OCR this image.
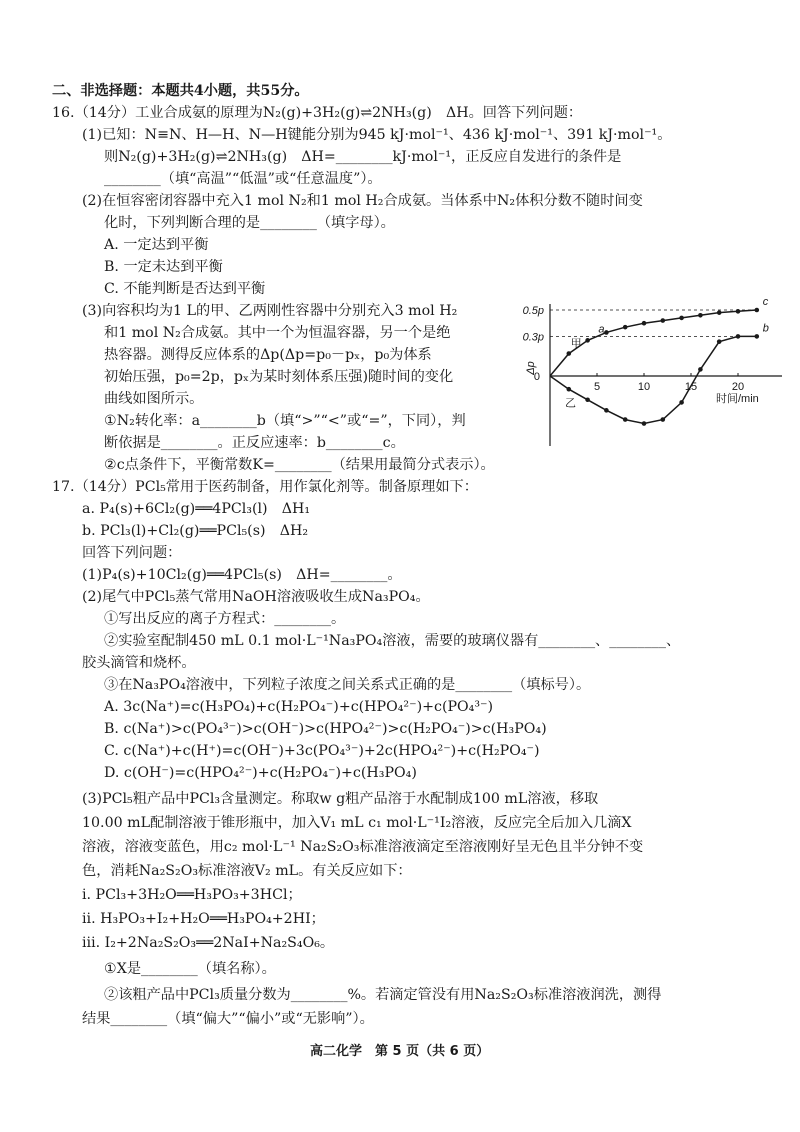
二、非选择题：本题共4小题，共55分。
16.（14分）工业合成氨的原理为N₂(g)+3H₂(g)⇌2NH₃(g)　ΔH。回答下列问题：
(1)已知：N≡N、H—H、N—H键能分别为945 kJ·mol⁻¹、436 kJ·mol⁻¹、391 kJ·mol⁻¹。
则N₂(g)+3H₂(g)⇌2NH₃(g)　ΔH=________kJ·mol⁻¹，正反应自发进行的条件是
________（填“高温”“低温”或“任意温度”）。
(2)在恒容密闭容器中充入1 mol N₂和1 mol H₂合成氨。当体系中N₂体积分数不随时间变
化时，下列判断合理的是________（填字母）。
A. 一定达到平衡
B. 一定未达到平衡
C. 不能判断是否达到平衡
(3)向容积均为1 L的甲、乙两刚性容器中分别充入3 mol H₂
和1 mol N₂合成氨。其中一个为恒温容器，另一个是绝
热容器。测得反应体系的Δp(Δp=p₀－pₓ，p₀为体系
初始压强，p₀=2p，pₓ为某时刻体系压强)随时间的变化
曲线如图所示。
①N₂转化率：a________b（填“>”“<”或“=”，下同），判
断依据是________。正反应速率：b________c。
②c点条件下，平衡常数K=________（结果用最简分式表示）。
Δp
时间/min
0
0.3p
0.5p
5	10	15	20
甲
乙
a	b
c
17.（14分）PCl₅常用于医药制备，用作氯化剂等。制备原理如下：
a. P₄(s)+6Cl₂(g)══4PCl₃(l)　ΔH₁
b. PCl₃(l)+Cl₂(g)══PCl₅(s)　ΔH₂
回答下列问题：
(1)P₄(s)+10Cl₂(g)══4PCl₅(s)　ΔH=________。
(2)尾气中PCl₅蒸气常用NaOH溶液吸收生成Na₃PO₄。
①写出反应的离子方程式：________。
②实验室配制450 mL 0.1 mol·L⁻¹Na₃PO₄溶液，需要的玻璃仪器有________、________、
胶头滴管和烧杯。
③在Na₃PO₄溶液中，下列粒子浓度之间关系式正确的是________（填标号）。
A. 3c(Na⁺)=c(H₃PO₄)+c(H₂PO₄⁻)+c(HPO₄²⁻)+c(PO₄³⁻)
B. c(Na⁺)>c(PO₄³⁻)>c(OH⁻)>c(HPO₄²⁻)>c(H₂PO₄⁻)>c(H₃PO₄)
C. c(Na⁺)+c(H⁺)=c(OH⁻)+3c(PO₄³⁻)+2c(HPO₄²⁻)+c(H₂PO₄⁻)
D. c(OH⁻)=c(HPO₄²⁻)+c(H₂PO₄⁻)+c(H₃PO₄)
(3)PCl₅粗产品中PCl₃含量测定。称取w g粗产品溶于水配制成100 mL溶液，移取
10.00 mL配制溶液于锥形瓶中，加入V₁ mL c₁ mol·L⁻¹I₂溶液，反应完全后加入几滴X
溶液，溶液变蓝色，用c₂ mol·L⁻¹ Na₂S₂O₃标准溶液滴定至溶液刚好呈无色且半分钟不变
色，消耗Na₂S₂O₃标准溶液V₂ mL。有关反应如下：
ⅰ. PCl₃+3H₂O══H₃PO₃+3HCl；
ⅱ. H₃PO₃+I₂+H₂O══H₃PO₄+2HI；
ⅲ. I₂+2Na₂S₂O₃══2NaI+Na₂S₄O₆。
①X是________（填名称）。
②该粗产品中PCl₃质量分数为________%。若滴定管没有用Na₂S₂O₃标准溶液润洗，测得
结果________（填“偏大”“偏小”或“无影响”）。
高二化学　第 5 页（共 6 页）
